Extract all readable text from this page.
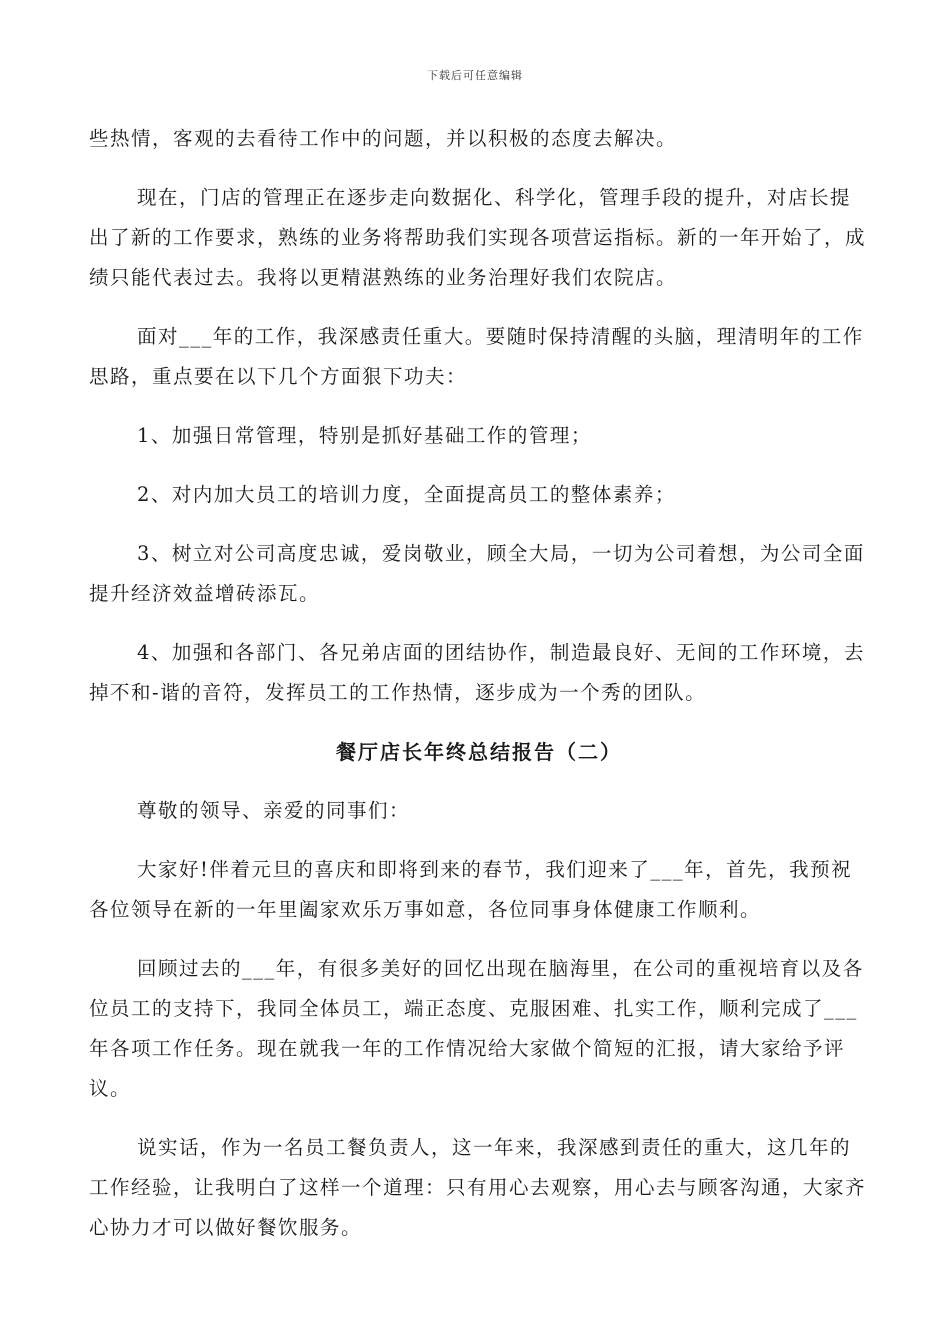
下载后可任意编辑

些热情，客观的去看待工作中的问题，并以积极的态度去解决。

现在，门店的管理正在逐步走向数据化、科学化，管理手段的提升，对店长提出了新的工作要求，熟练的业务将帮助我们实现各项营运指标。新的一年开始了，成绩只能代表过去。我将以更精湛熟练的业务治理好我们农院店。

面对___年的工作，我深感责任重大。要随时保持清醒的头脑，理清明年的工作思路，重点要在以下几个方面狠下功夫：

1、加强日常管理，特别是抓好基础工作的管理；

2、对内加大员工的培训力度，全面提高员工的整体素养；

3、树立对公司高度忠诚，爱岗敬业，顾全大局，一切为公司着想，为公司全面提升经济效益增砖添瓦。

4、加强和各部门、各兄弟店面的团结协作，制造最良好、无间的工作环境，去掉不和-谐的音符，发挥员工的工作热情，逐步成为一个秀的团队。

餐厅店长年终总结报告（二）

尊敬的领导、亲爱的同事们：

大家好!伴着元旦的喜庆和即将到来的春节，我们迎来了___年，首先，我预祝各位领导在新的一年里阖家欢乐万事如意，各位同事身体健康工作顺利。

回顾过去的___年，有很多美好的回忆出现在脑海里，在公司的重视培育以及各位员工的支持下，我同全体员工，端正态度、克服困难、扎实工作，顺利完成了___年各项工作任务。现在就我一年的工作情况给大家做个简短的汇报，请大家给予评议。

说实话，作为一名员工餐负责人，这一年来，我深感到责任的重大，这几年的工作经验，让我明白了这样一个道理：只有用心去观察，用心去与顾客沟通，大家齐心协力才可以做好餐饮服务。
